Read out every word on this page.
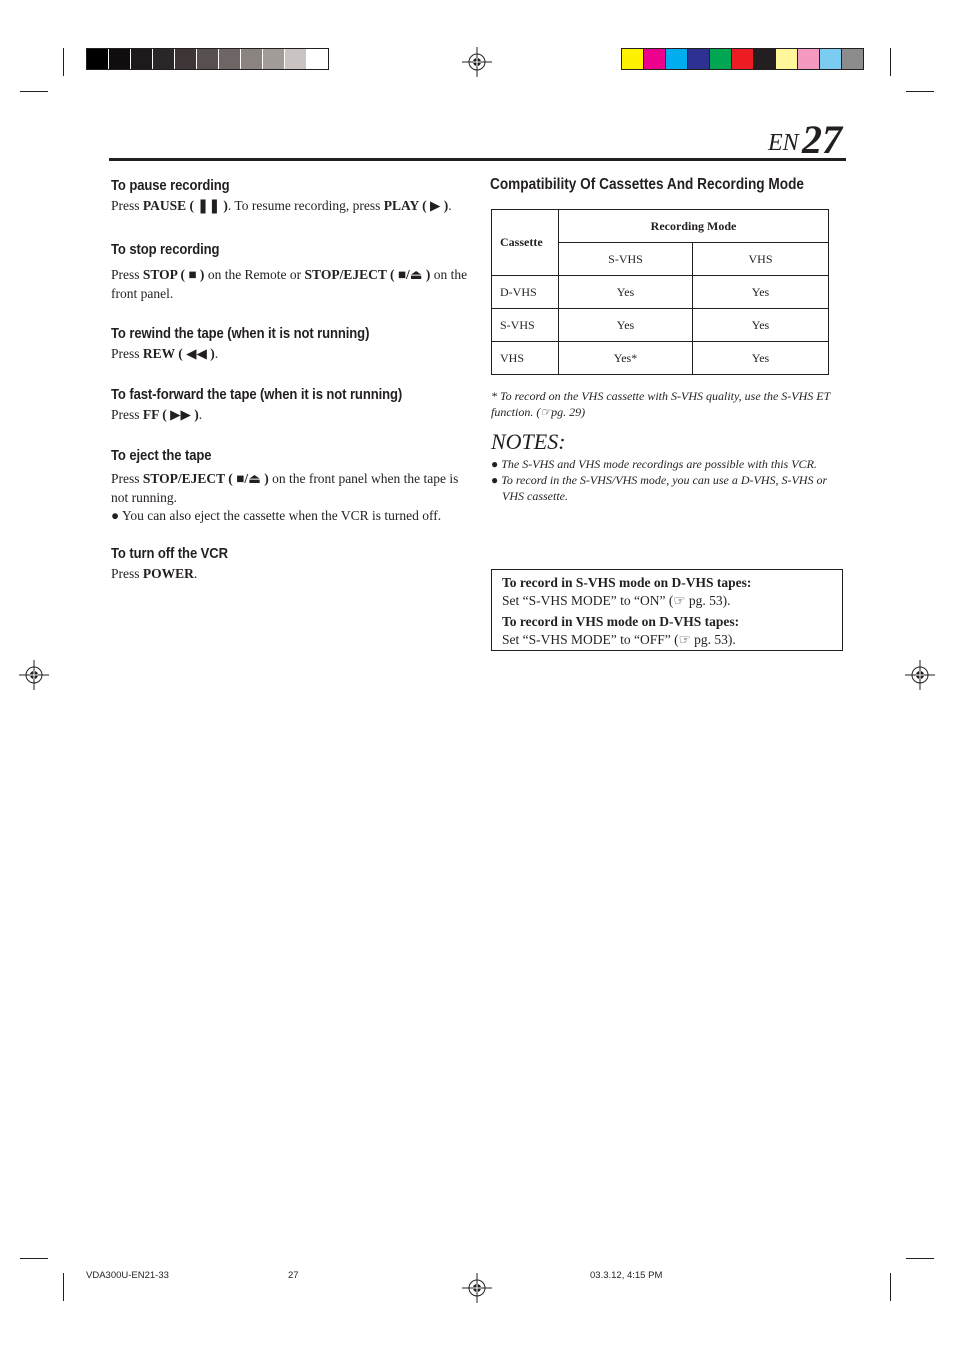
EN 27

To pause recording

Press PAUSE ( ❚❚ ). To resume recording, press PLAY ( ▶ ).

To stop recording

Press STOP ( ■ ) on the Remote or STOP/EJECT ( ■/⏏ ) on the front panel.

To rewind the tape (when it is not running)

Press REW ( ◀◀ ).

To fast-forward the tape (when it is not running)

Press FF ( ▶▶ ).

To eject the tape

Press STOP/EJECT ( ■/⏏ ) on the front panel when the tape is not running.

● You can also eject the cassette when the VCR is turned off.

To turn off the VCR

Press POWER.

Compatibility Of Cassettes And Recording Mode
Cassette	Recording Mode	
	S-VHS	VHS
D-VHS	Yes	Yes
S-VHS	Yes	Yes
VHS	Yes*	Yes
* To record on the VHS cassette with S-VHS quality, use the S-VHS ET function. (☞pg. 29)
NOTES:

● The S-VHS and VHS mode recordings are possible with this VCR.

● To record in the S-VHS/VHS mode, you can use a D-VHS, S-VHS or VHS cassette.

To record in S-VHS mode on D-VHS tapes:

Set “S-VHS MODE” to “ON” (☞ pg. 53).

To record in VHS mode on D-VHS tapes:

Set “S-VHS MODE” to “OFF” (☞ pg. 53).

VDA300U-EN21-33	27	03.3.12, 4:15 PM
